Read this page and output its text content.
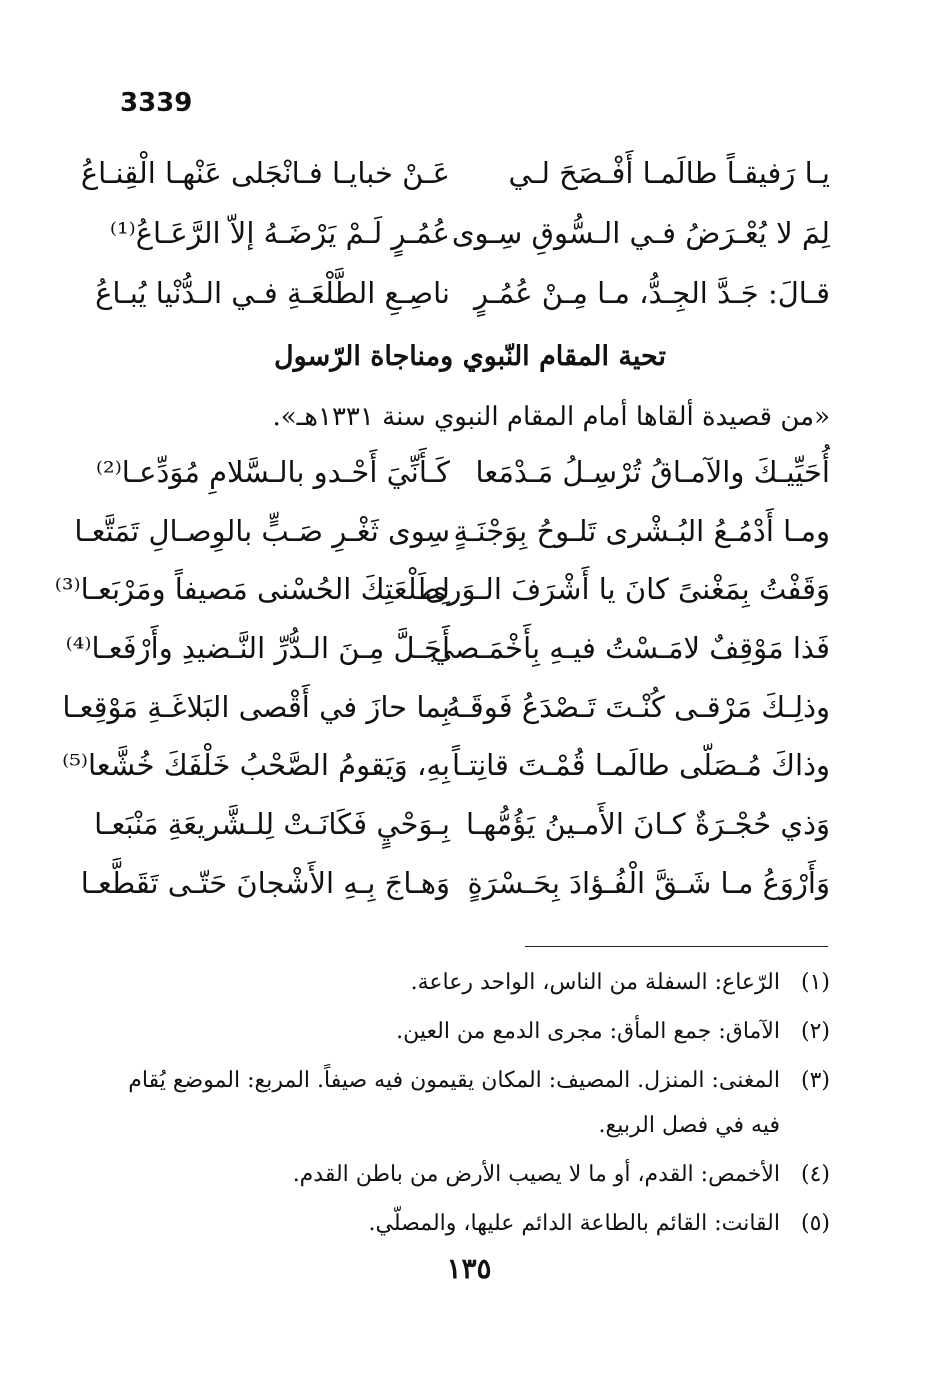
3339
يـا رَفيقـاً طالَمـا أَفْـصَحَ لـي
عَـنْ خبايـا فـانْجَلى عَنْهـا الْقِنـاعُ
لِمَ لا يُعْـرَضُ فـي الـسُّوقِ سِـوى
عُمُـرٍ لَـمْ يَرْضَـهُ إلاّ الرَّعَـاعُ⁽¹⁾
قـالَ: جَـدَّ الجِـدُّ، مـا مِـنْ عُمُـرٍ
ناصِـعِ الطَّلْعَـةِ فـي الـدُّنْيا يُبـاعُ
تحية المقام النّبوي ومناجاة الرّسول
«من قصيدة ألقاها أمام المقام النبوي سنة ١٣٣١هـ».
أُحَيِّيـكَ والآمـاقُ تُرْسِـلُ مَـدْمَعا
كَـأَنِّيَ أَحْـدو بالـسَّلامِ مُوَدِّعـا⁽²⁾
ومـا أَدْمُـعُ البُـشْرى تَلـوحُ بِوَجْنَـةٍ
سِوى ثَغْـرِ صَـبٍّ بالوِصـالِ تَمَتَّعـا
وَقَفْتُ بِمَغْنىً كانَ يا أَشْرَفَ الـوَرى
لِطَلْعَتِكَ الحُسْنى مَصيفاً ومَرْبَعـا⁽³⁾
فَذا مَوْقِفٌ لامَـسْتُ فيـهِ بِأَخْمَـصي
أَجَـلَّ مِـنَ الـدُّرِّ النَّـضيدِ وأَرْفَعـا⁽⁴⁾
وذلِـكَ مَرْقـى كُنْـتَ تَـصْدَعُ فَوقَـهُ
بِما حازَ في أَقْصى البَلاغَـةِ مَوْقِعـا
وذاكَ مُـصَلّى طالَمـا قُمْـتَ قانِتـاً
بِهِ، وَيَقومُ الصَّحْبُ خَلْفَكَ خُشَّعا⁽⁵⁾
وَذي حُجْـرَةٌ كـانَ الأَمـينُ يَؤُمُّهـا
بِـوَحْيٍ فَكَانَـتْ لِلـشَّريعَةِ مَنْبَعـا
وَأَرْوَعُ مـا شَـقَّ الْفُـؤادَ بِحَـسْرَةٍ
وَهـاجَ بِـهِ الأَشْجانَ حَتّـى تَقَطَّعـا
(١)
الرّعاع: السفلة من الناس، الواحد رعاعة.
(٢)
الآماق: جمع المأق: مجرى الدمع من العين.
(٣)
المغنى: المنزل. المصيف: المكان يقيمون فيه صيفاً. المربع: الموضع يُقام فيه في فصل الربيع.
(٤)
الأخمص: القدم، أو ما لا يصيب الأرض من باطن القدم.
(٥)
القانت: القائم بالطاعة الدائم عليها، والمصلّي.
١٣٥
